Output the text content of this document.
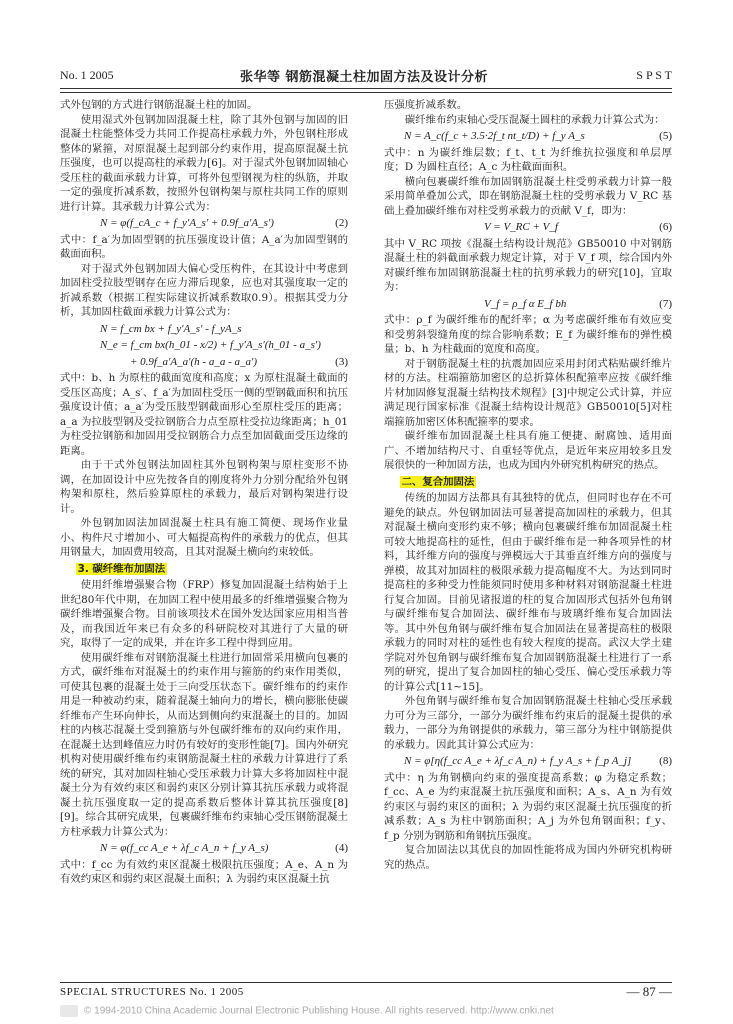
No. 1 2005	张华等 钢筋混凝土柱加固方法及设计分析	S P S T

式外包钢的方式进行钢筋混凝土柱的加固。

使用湿式外包钢加固混凝土柱，除了其外包钢与加固的旧混凝土柱能整体受力共同工作提高柱承载力外，外包钢柱形成整体的紧箍，对原混凝土起到部分约束作用，提高原混凝土抗压强度，也可以提高柱的承载力[6]。对于湿式外包钢加固轴心受压柱的截面承载力计算，可将外包型钢视为柱的纵筋，并取一定的强度折减系数，按照外包钢构架与原柱共同工作的原则进行计算。其承载力计算公式为：

N = φ(f_cA_c + f_y′A_s′ + 0.9f_a′A_s′)	(2)

式中：f_a′为加固型钢的抗压强度设计值；A_a′为加固型钢的截面面积。

对于湿式外包钢加固大偏心受压构件，在其设计中考虑到加固柱受拉肢型钢存在应力滞后现象，应也对其强度取一定的折减系数（根据工程实际建议折减系数取0.9）。根据其受力分析，其加固柱截面承载力计算公式为：

N = f_cm bx + f_y′A_s′ - f_yA_s
N_e = f_cm bx(h_01 - x/2) + f_y′A_s′(h_01 - a_s′)
+ 0.9f_a′A_a′(h - a_a - a_a′)	(3)

式中：b、h 为原柱的截面宽度和高度；x 为原柱混凝土截面的受压区高度；A_s′、f_a′为加固柱受压一侧的型钢截面积和抗压强度设计值；a_a′为受压肢型钢截面形心至原柱受压的距离；a_a 为拉肢型钢及受拉钢筋合力点至原柱受拉边缘距离；h_01 为柱受拉钢筋和加固用受拉钢筋合力点至加固截面受压边缘的距离。

由于干式外包钢法加固柱其外包钢构架与原柱变形不协调，在加固设计中应先按各自的刚度将外力分别分配给外包钢构架和原柱，然后验算原柱的承载力，最后对钢构架进行设计。

外包钢加固法加固混凝土柱具有施工简便、现场作业量小、构件尺寸增加小、可大幅提高构件的承载力的优点，但其用钢量大，加固费用较高，且其对混凝土横向约束较低。

3. 碳纤维布加固法

使用纤维增强聚合物（FRP）修复加固混凝土结构始于上世纪80年代中期，在加固工程中使用最多的纤维增强聚合物为碳纤维增强聚合物。目前该项技术在国外发达国家应用相当普及，而我国近年来已有众多的科研院校对其进行了大量的研究，取得了一定的成果，并在许多工程中得到应用。

使用碳纤维布对钢筋混凝土柱进行加固常采用横向包裹的方式，碳纤维布对混凝土的约束作用与箍筋的约束作用类似，可使其包裹的混凝土处于三向受压状态下。碳纤维布的约束作用是一种被动约束，随着混凝土轴向力的增长，横向膨胀使碳纤维布产生环向伸长，从而达到侧向约束混凝土的目的。加固柱的内核芯混凝土受到箍筋与外包碳纤维布的双向约束作用，在混凝土达到峰值应力时仍有较好的变形性能[7]。国内外研究机构对使用碳纤维布约束钢筋混凝土柱的承载力计算进行了系统的研究，其对加固柱轴心受压承载力计算大多将加固柱中混凝土分为有效约束区和弱约束区分别计算其抗压承载力或将混凝土抗压强度取一定的提高系数后整体计算其抗压强度[8][9]。综合其研究成果，包裹碳纤维布约束轴心受压钢筋混凝土方柱承载力计算公式为：

N = φ(f_cc A_e + λf_c A_n + f_y A_s)	(4)

式中：f_cc 为有效约束区混凝土极限抗压强度；A_e、A_n 为有效约束区和弱约束区混凝土面积；λ 为弱约束区混凝土抗

压强度折减系数。

碳纤维布约束轴心受压混凝土圆柱的承载力计算公式为：

N = A_c(f_c + 3.5·2f_t nt_t/D) + f_y A_s	(5)

式中：n 为碳纤维层数；f_t、t_t 为纤维抗拉强度和单层厚度；D 为圆柱直径；A_c 为柱截面面积。

横向包裹碳纤维布加固钢筋混凝土柱受剪承载力计算一般采用简单叠加公式，即在钢筋混凝土柱的受剪承载力 V_RC 基础上叠加碳纤维布对柱受剪承载力的贡献 V_f，即为：

V = V_RC + V_f	(6)

其中 V_RC 项按《混凝土结构设计规范》GB50010 中对钢筋混凝土柱的斜截面承载力规定计算，对于 V_f 项，综合国内外对碳纤维布加固钢筋混凝土柱的抗剪承载力的研究[10]，宜取为：

V_f = ρ_f α E_f bh	(7)

式中：ρ_f 为碳纤维布的配纤率；α 为考虑碳纤维布有效应变和受剪斜裂缝角度的综合影响系数；E_f 为碳纤维布的弹性模量；b、h 为柱截面的宽度和高度。

对于钢筋混凝土柱的抗震加固应采用封闭式粘贴碳纤维片材的方法。柱端箍筋加密区的总折算体积配箍率应按《碳纤维片材加固修复混凝土结构技术规程》[3]中规定公式计算，并应满足现行国家标准《混凝土结构设计规范》GB50010[5]对柱端箍筋加密区体积配箍率的要求。

碳纤维布加固混凝土柱具有施工便捷、耐腐蚀、适用面广、不增加结构尺寸、自重轻等优点，是近年来应用较多且发展很快的一种加固方法，也成为国内外研究机构研究的热点。

二、复合加固法

传统的加固方法都具有其独特的优点，但同时也存在不可避免的缺点。外包钢加固法可显著提高加固柱的承载力，但其对混凝土横向变形约束不够；横向包裹碳纤维布加固混凝土柱可较大地提高柱的延性，但由于碳纤维布是一种各项异性的材料，其纤维方向的强度与弹模远大于其垂直纤维方向的强度与弹模，故其对加固柱的极限承载力提高幅度不大。为达到同时提高柱的多种受力性能须同时使用多种材料对钢筋混凝土柱进行复合加固。目前见诸报道的柱的复合加固形式包括外包角钢与碳纤维布复合加固法、碳纤维布与玻璃纤维布复合加固法等。其中外包角钢与碳纤维布复合加固法在显著提高柱的极限承载力的同时对柱的延性也有较大程度的提高。武汉大学土建学院对外包角钢与碳纤维布复合加固钢筋混凝土柱进行了一系列的研究，提出了复合加固柱的轴心受压、偏心受压承载力等的计算公式[11~15]。

外包角钢与碳纤维布复合加固钢筋混凝土柱轴心受压承载力可分为三部分，一部分为碳纤维布约束后的混凝土提供的承载力，一部分为角钢提供的承载力，第三部分为柱中钢筋提供的承载力。因此其计算公式应为：

N = φ[η(f_cc A_e + λf_c A_n) + f_y A_s + f_p A_j]	(8)

式中：η 为角钢横向约束的强度提高系数；φ 为稳定系数；f_cc、A_e 为约束混凝土抗压强度和面积；A_s、A_n 为有效约束区与弱约束区的面积；λ 为弱约束区混凝土抗压强度的折减系数；A_s 为柱中钢筋面积；A_j 为外包角钢面积；f_y、f_p 分别为钢筋和角钢抗压强度。

复合加固法以其优良的加固性能将成为国内外研究机构研究的热点。

SPECIAL STRUCTURES No. 1 2005	— 87 —
© 1994-2010 China Academic Journal Electronic Publishing House. All rights reserved. http://www.cnki.net
